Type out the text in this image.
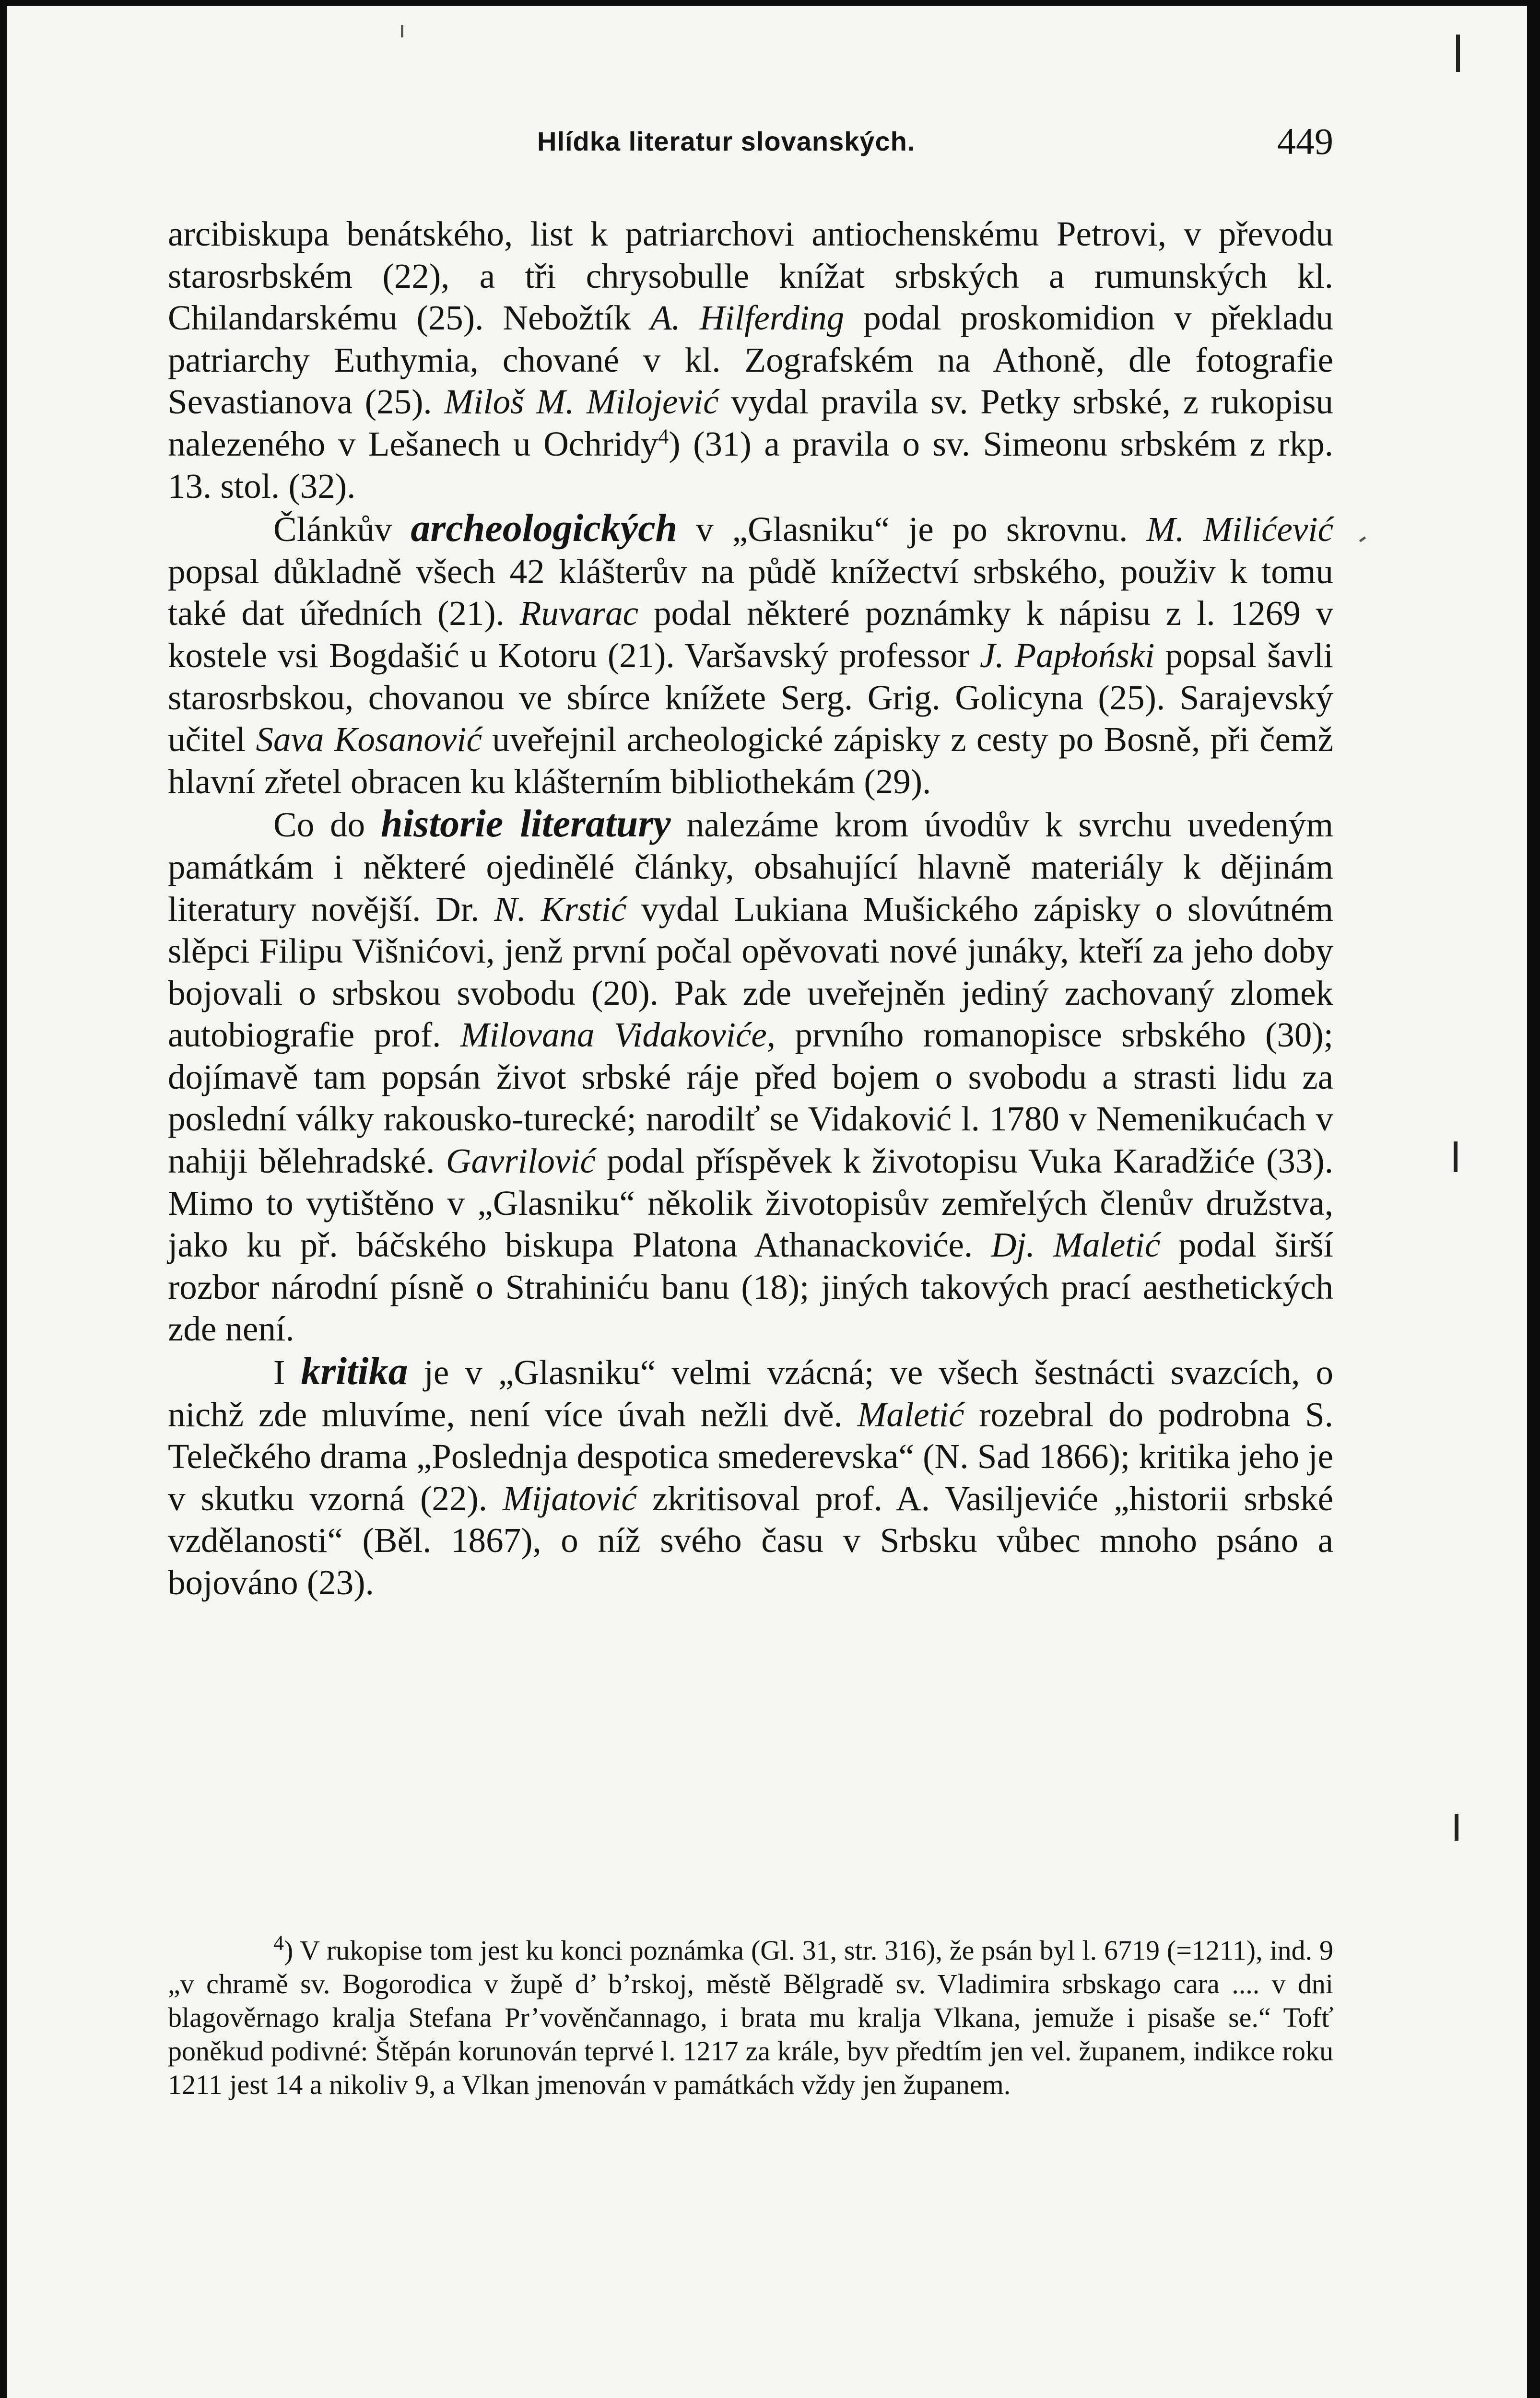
Hlídka literatur slovanských.	449

arcibiskupa benátského, list k patriarchovi antiochenskému Petrovi, v převodu starosrbském (22), a tři chrysobulle knížat srbských a rumunských kl. Chilandarskému (25). Nebožtík A. Hilferding podal proskomidion v překladu patriarchy Euthymia, chované v kl. Zografském na Athoně, dle fotografie Sevastianova (25). Miloš M. Milojević vydal pravila sv. Petky srbské, z rukopisu nalezeného v Lešanech u Ochridy$^4$) (31) a pravila o sv. Simeonu srbském z rkp. 13. stol. (32).

Článkův archeologických v „Glasniku“ je po skrovnu. M. Milićević popsal důkladně všech 42 klášterův na půdě knížectví srbského, použiv k tomu také dat úředních (21). Ruvarac podal některé poznámky k nápisu z l. 1269 v kostele vsi Bogdašić u Kotoru (21). Varšavský professor J. Papłoński popsal šavli starosrbskou, chovanou ve sbírce knížete Serg. Grig. Golicyna (25). Sarajevský učitel Sava Kosanović uveřejnil archeologické zápisky z cesty po Bosně, při čemž hlavní zřetel obracen ku klášterním bibliothekám (29).

Co do historie literatury nalezáme krom úvodův k svrchu uvedeným památkám i některé ojedinělé články, obsahující hlavně materiály k dějinám literatury novější. Dr. N. Krstić vydal Lukiana Mušického zápisky o slovútném slěpci Filipu Višnićovi, jenž první počal opěvovati nové junáky, kteří za jeho doby bojovali o srbskou svobodu (20). Pak zde uveřejněn jediný zachovaný zlomek autobiografie prof. Milovana Vidakoviće, prvního romanopisce srbského (30); dojímavě tam popsán život srbské ráje před bojem o svobodu a strasti lidu za poslední války rakousko-turecké; narodilť se Vidaković l. 1780 v Nemenikućach v nahiji bělehradské. Gavrilović podal příspěvek k životopisu Vuka Karadžiće (33). Mimo to vytištěno v „Glasniku“ několik životopisův zemřelých členův družstva, jako ku př. báčského biskupa Platona Athanackoviće. Dj. Maletić podal širší rozbor národní písně o Strahiniću banu (18); jiných takových prací aesthetických zde není.

I kritika je v „Glasniku“ velmi vzácná; ve všech šestnácti svazcích, o nichž zde mluvíme, není více úvah nežli dvě. Maletić rozebral do podrobna S. Telečkého drama „Poslednja despotica smederevska“ (N. Sad 1866); kritika jeho je v skutku vzorná (22). Mijatović zkritisoval prof. A. Vasiljeviće „historii srbské vzdělanosti“ (Běl. 1867), o níž svého času v Srbsku vůbec mnoho psáno a bojováno (23).

$^4$) V rukopise tom jest ku konci poznámka (Gl. 31, str. 316), že psán byl l. 6719 (=1211), ind. 9 „v chramě sv. Bogorodica v župě d’ b’rskoj, městě Bělgradě sv. Vladimira srbskago cara .... v dni blagověrnago kralja Stefana Pr’vověnčannago, i brata mu kralja Vlkana, jemuže i pisaše se.“ Tofť poněkud podivné: Štěpán korunován teprvé l. 1217 za krále, byv předtím jen vel. županem, indikce roku 1211 jest 14 a nikoliv 9, a Vlkan jmenován v památkách vždy jen županem.
